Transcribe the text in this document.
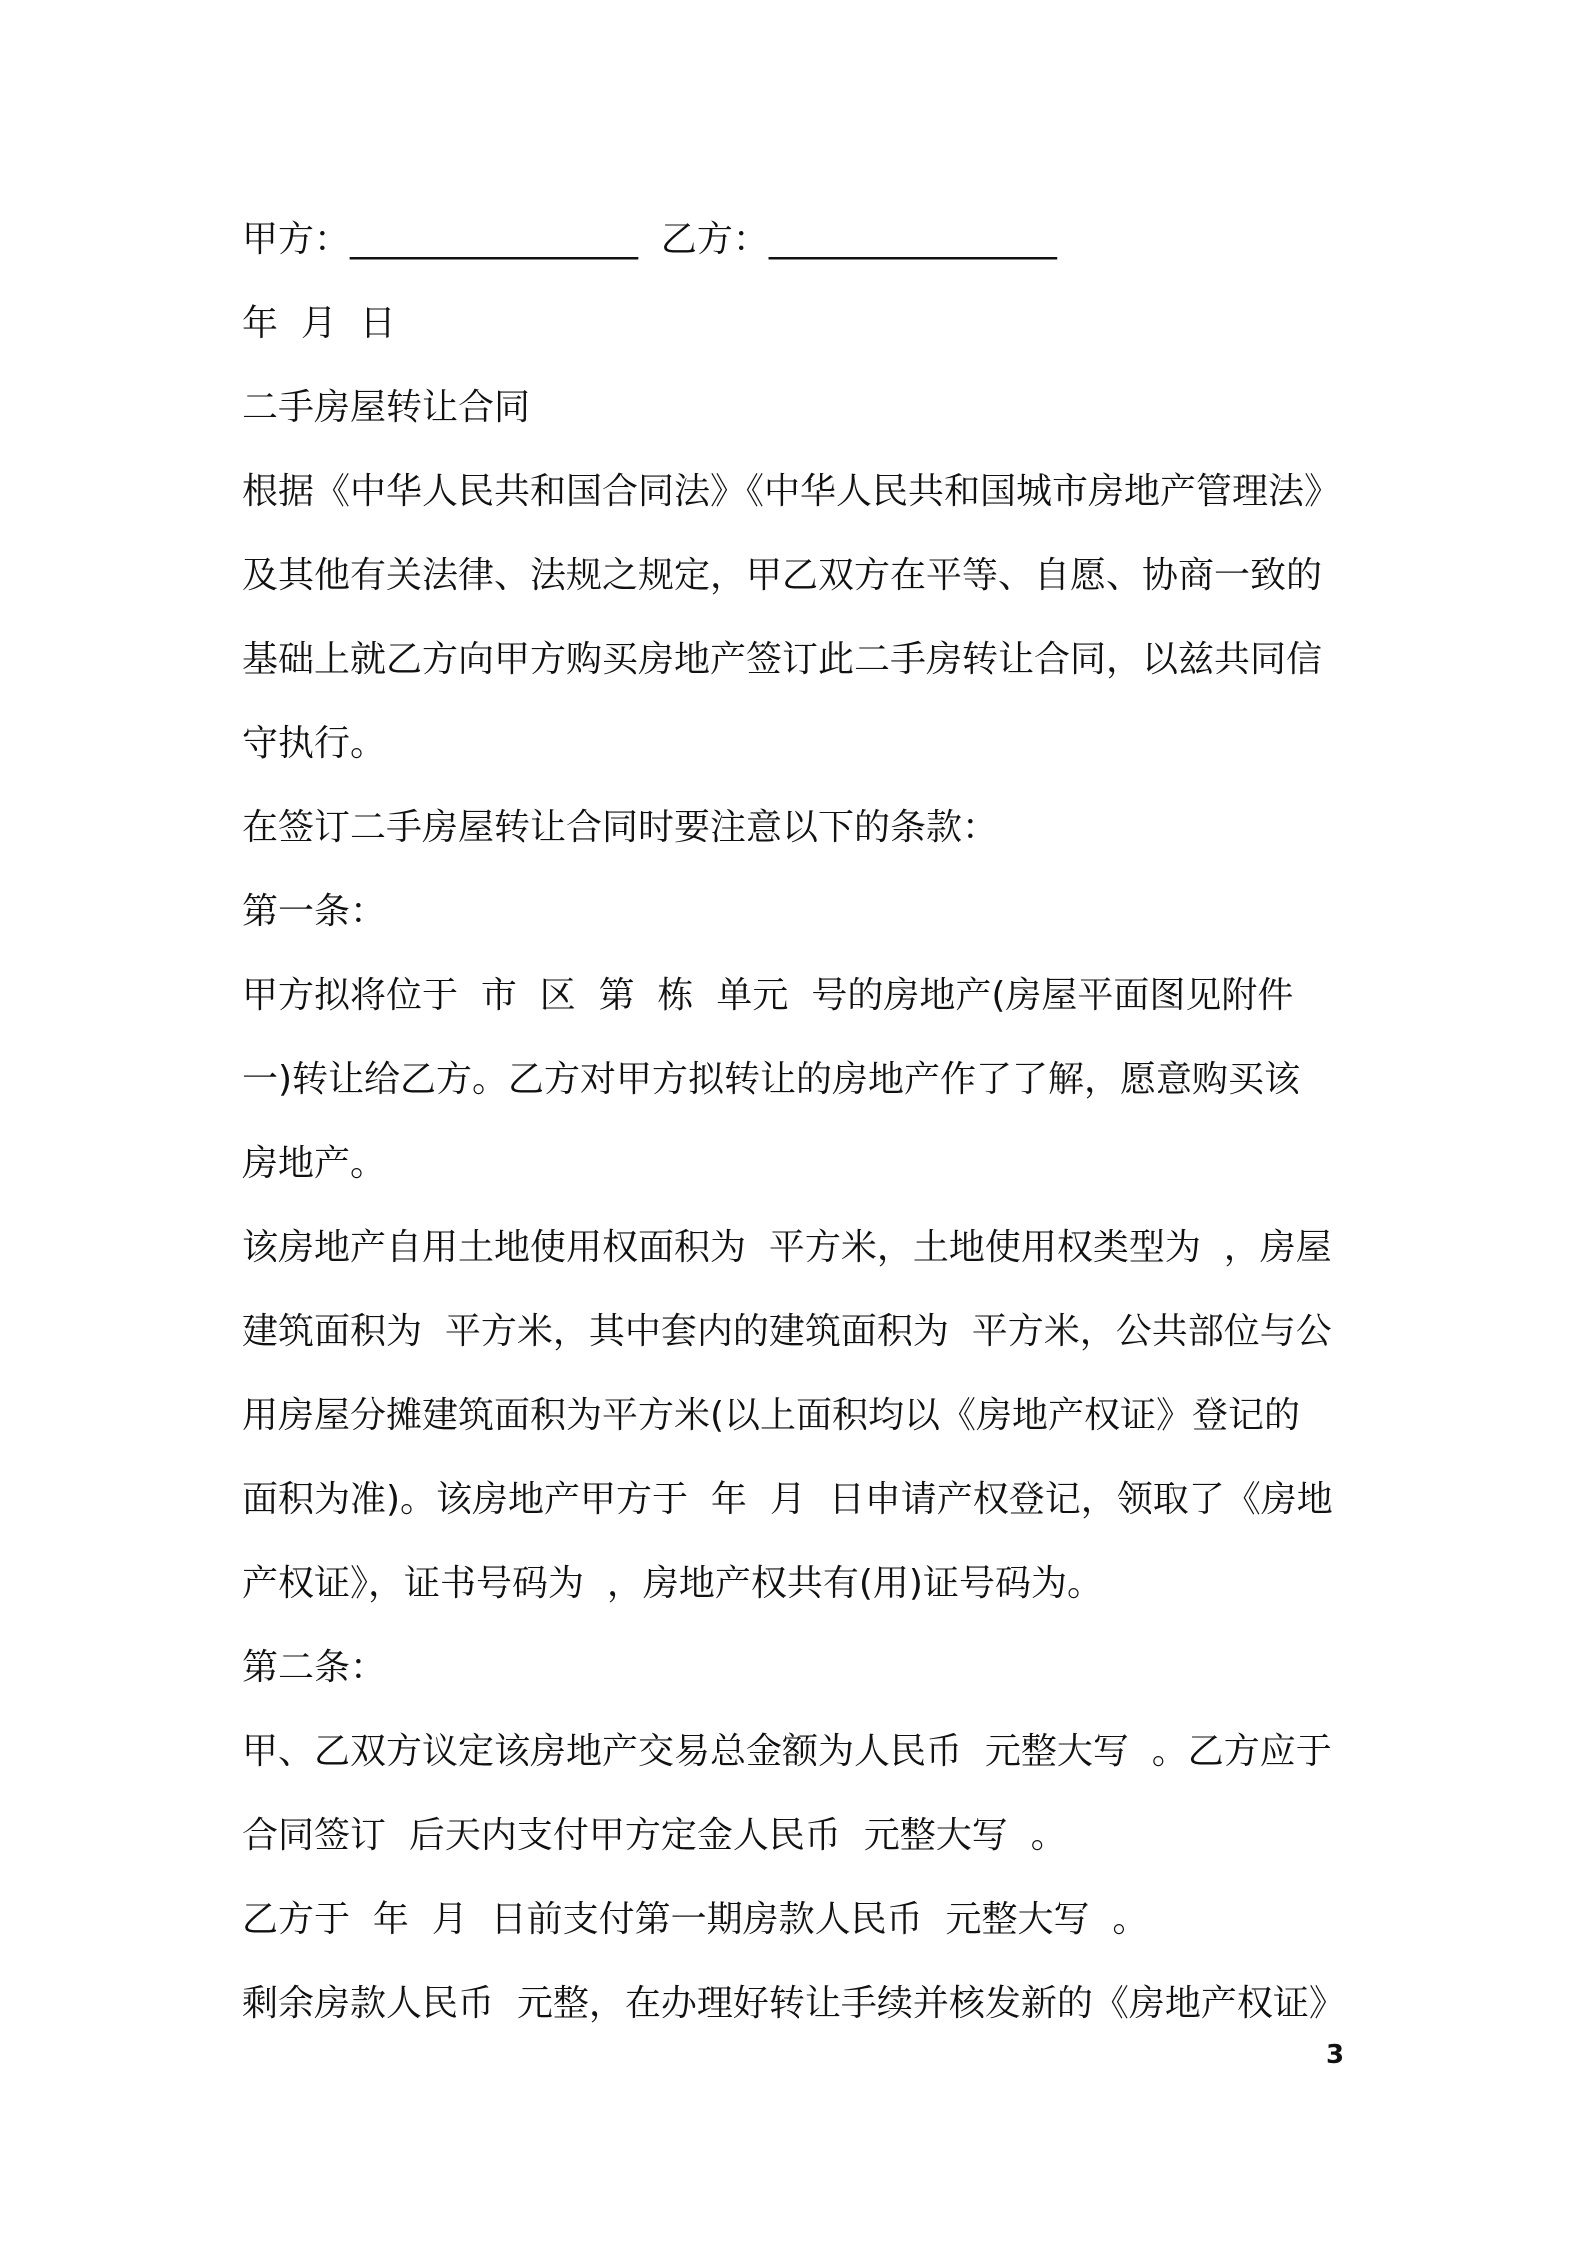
甲方：________________  乙方：________________
年  月  日
二手房屋转让合同
根据《中华人民共和国合同法》《中华人民共和国城市房地产管理法》
及其他有关法律、法规之规定，甲乙双方在平等、自愿、协商一致的
基础上就乙方向甲方购买房地产签订此二手房转让合同，以兹共同信
守执行。
在签订二手房屋转让合同时要注意以下的条款：
第一条：
甲方拟将位于  市  区  第  栋  单元  号的房地产(房屋平面图见附件
一)转让给乙方。乙方对甲方拟转让的房地产作了了解，愿意购买该
房地产。
该房地产自用土地使用权面积为  平方米，土地使用权类型为  ，房屋
建筑面积为  平方米，其中套内的建筑面积为  平方米，公共部位与公
用房屋分摊建筑面积为平方米(以上面积均以《房地产权证》登记的
面积为准)。该房地产甲方于  年  月  日申请产权登记，领取了《房地
产权证》，证书号码为  ，房地产权共有(用)证号码为。
第二条：
甲、乙双方议定该房地产交易总金额为人民币  元整大写  。乙方应于
合同签订  后天内支付甲方定金人民币  元整大写  。
乙方于  年  月  日前支付第一期房款人民币  元整大写  。
剩余房款人民币  元整，在办理好转让手续并核发新的《房地产权证》
3
